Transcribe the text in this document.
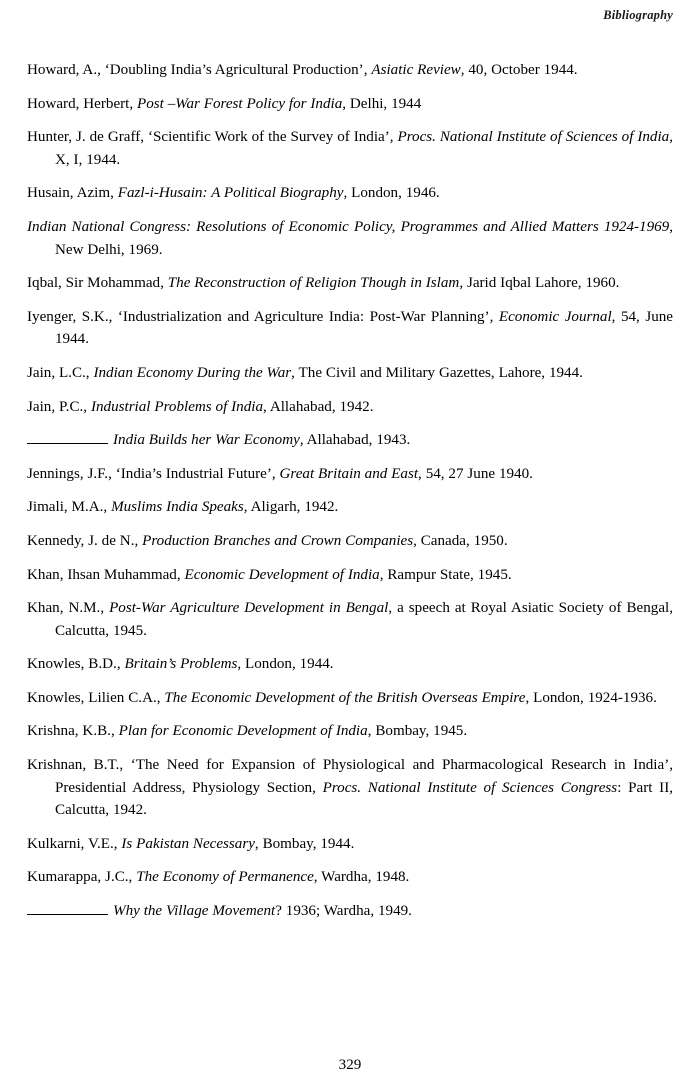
Bibliography

Howard, A., ‘Doubling India’s Agricultural Production’, Asiatic Review, 40, October 1944.

Howard, Herbert, Post –War Forest Policy for India, Delhi, 1944

Hunter, J. de Graff, ‘Scientific Work of the Survey of India’, Procs. National Institute of Sciences of India, X, I, 1944.

Husain, Azim, Fazl-i-Husain: A Political Biography, London, 1946.

Indian National Congress: Resolutions of Economic Policy, Programmes and Allied Matters 1924-1969, New Delhi, 1969.

Iqbal, Sir Mohammad, The Reconstruction of Religion Though in Islam, Jarid Iqbal Lahore, 1960.

Iyenger, S.K., ‘Industrialization and Agriculture India: Post-War Planning’, Economic Journal, 54, June 1944.

Jain, L.C., Indian Economy During the War, The Civil and Military Gazettes, Lahore, 1944.

Jain, P.C., Industrial Problems of India, Allahabad, 1942.

India Builds her War Economy, Allahabad, 1943.

Jennings, J.F., ‘India’s Industrial Future’, Great Britain and East, 54, 27 June 1940.

Jimali, M.A., Muslims India Speaks, Aligarh, 1942.

Kennedy, J. de N., Production Branches and Crown Companies, Canada, 1950.

Khan, Ihsan Muhammad, Economic Development of India, Rampur State, 1945.

Khan, N.M., Post-War Agriculture Development in Bengal, a speech at Royal Asiatic Society of Bengal, Calcutta, 1945.

Knowles, B.D., Britain’s Problems, London, 1944.

Knowles, Lilien C.A., The Economic Development of the British Overseas Empire, London, 1924-1936.

Krishna, K.B., Plan for Economic Development of India, Bombay, 1945.

Krishnan, B.T., ‘The Need for Expansion of Physiological and Pharmacological Research in India’, Presidential Address, Physiology Section, Procs. National Institute of Sciences Congress: Part II, Calcutta, 1942.

Kulkarni, V.E., Is Pakistan Necessary, Bombay, 1944.

Kumarappa, J.C., The Economy of Permanence, Wardha, 1948.

Why the Village Movement? 1936; Wardha, 1949.

329
